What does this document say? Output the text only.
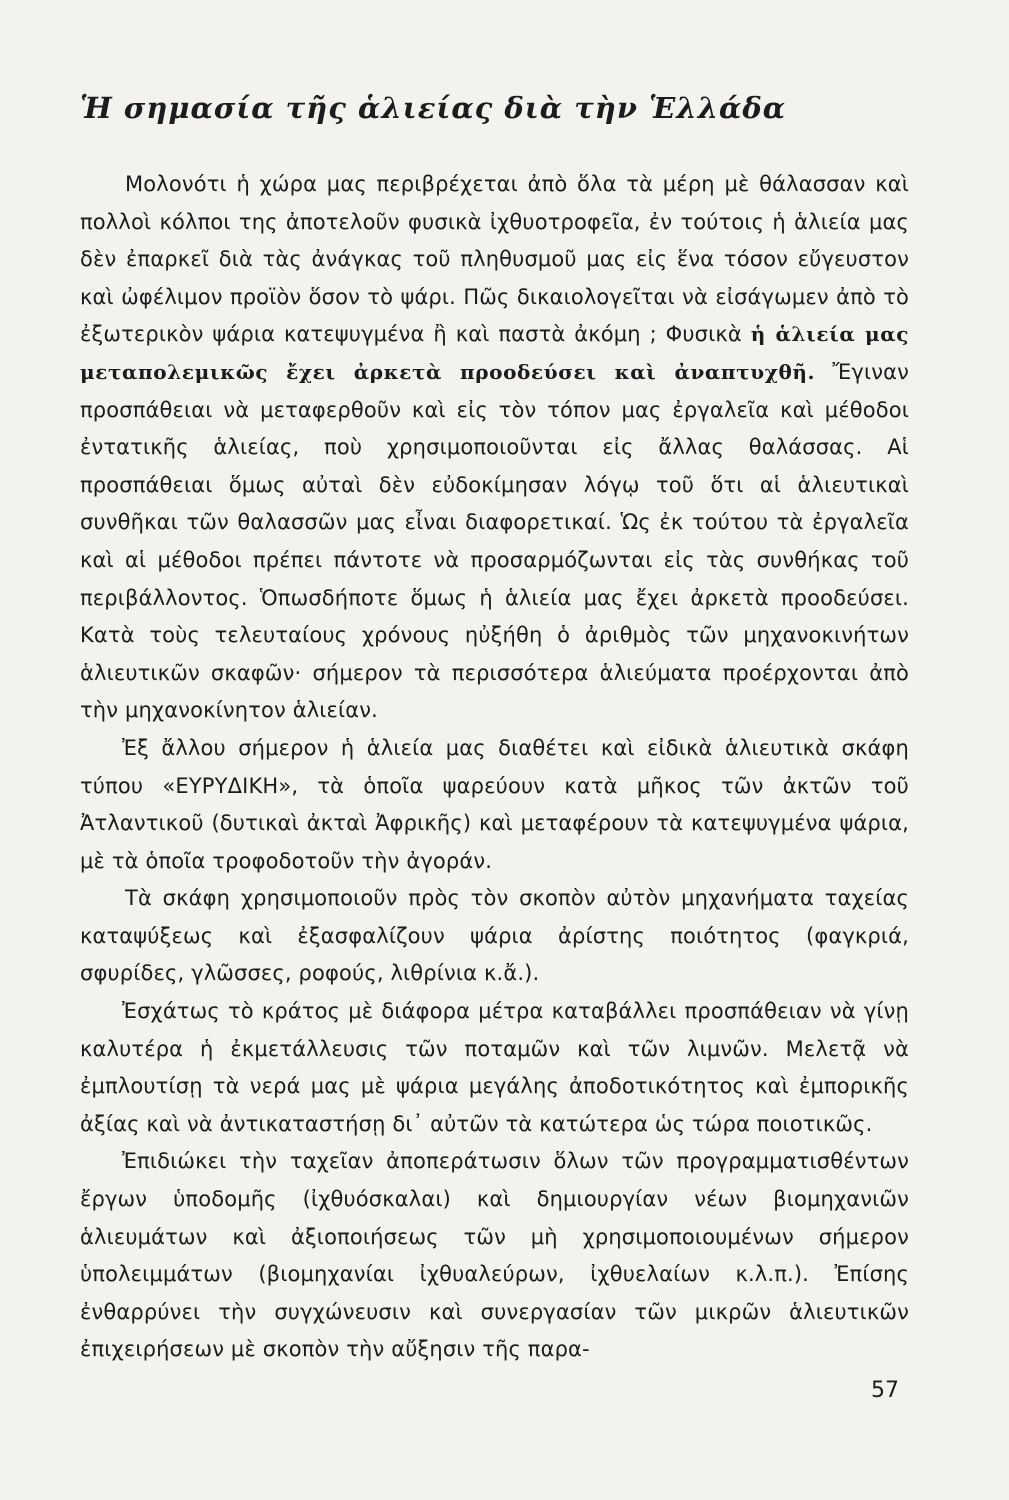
Ἡ σημασία τῆς ἁλιείας διὰ τὴν Ἑλλάδα

Μολονότι ἡ χώρα μας περιβρέχεται ἀπὸ ὅλα τὰ μέρη μὲ θάλασσαν καὶ πολλοὶ κόλποι της ἀποτελοῦν φυσικὰ ἰχθυοτροφεῖα, ἐν τούτοις ἡ ἁλιεία μας δὲν ἐπαρκεῖ διὰ τὰς ἀνάγκας τοῦ πληθυσμοῦ μας εἰς ἕνα τόσον εὔγευστον καὶ ὠφέλιμον προϊὸν ὅσον τὸ ψάρι. Πῶς δικαιολογεῖται νὰ εἰσάγωμεν ἀπὸ τὸ ἐξωτερικὸν ψάρια κατεψυγμένα ἢ καὶ παστὰ ἀκόμη ; Φυσικὰ ἡ ἁλιεία μας μεταπολεμικῶς ἔχει ἀρκετὰ προοδεύσει καὶ ἀναπτυχθῆ. Ἔγιναν προσπάθειαι νὰ μεταφερθοῦν καὶ εἰς τὸν τόπον μας ἐργαλεῖα καὶ μέθοδοι ἐντατικῆς ἁλιείας, ποὺ χρησιμοποιοῦνται εἰς ἄλλας θαλάσσας. Αἱ προσπάθειαι ὅμως αὐταὶ δὲν εὐδοκίμησαν λόγῳ τοῦ ὅτι αἱ ἁλιευτικαὶ συνθῆκαι τῶν θαλασσῶν μας εἶναι διαφορετικαί. Ὡς ἐκ τούτου τὰ ἐργαλεῖα καὶ αἱ μέθοδοι πρέπει πάντοτε νὰ προσαρμόζωνται εἰς τὰς συνθήκας τοῦ περιβάλλοντος. Ὁπωσδήποτε ὅμως ἡ ἁλιεία μας ἔχει ἀρκετὰ προοδεύσει. Κατὰ τοὺς τελευταίους χρόνους ηὐξήθη ὁ ἀριθμὸς τῶν μηχανοκινήτων ἁλιευτικῶν σκαφῶν· σήμερον τὰ περισσότερα ἁλιεύματα προέρχονται ἀπὸ τὴν μηχανοκίνητον ἁλιείαν.

Ἐξ ἄλλου σήμερον ἡ ἁλιεία μας διαθέτει καὶ εἰδικὰ ἁλιευτικὰ σκάφη τύπου «ΕΥΡΥΔΙΚΗ», τὰ ὁποῖα ψαρεύουν κατὰ μῆκος τῶν ἀκτῶν τοῦ Ἀτλαντικοῦ (δυτικαὶ ἀκταὶ Ἀφρικῆς) καὶ μεταφέρουν τὰ κατεψυγμένα ψάρια, μὲ τὰ ὁποῖα τροφοδοτοῦν τὴν ἀγοράν.

Τὰ σκάφη χρησιμοποιοῦν πρὸς τὸν σκοπὸν αὐτὸν μηχανήματα ταχείας καταψύξεως καὶ ἐξασφαλίζουν ψάρια ἀρίστης ποιότητος (φαγκριά, σφυρίδες, γλῶσσες, ροφούς, λιθρίνια κ.ἄ.).

Ἐσχάτως τὸ κράτος μὲ διάφορα μέτρα καταβάλλει προσπάθειαν νὰ γίνῃ καλυτέρα ἡ ἐκμετάλλευσις τῶν ποταμῶν καὶ τῶν λιμνῶν. Μελετᾷ νὰ ἐμπλουτίσῃ τὰ νερά μας μὲ ψάρια μεγάλης ἀποδοτικότητος καὶ ἐμπορικῆς ἀξίας καὶ νὰ ἀντικαταστήσῃ δι᾽ αὐτῶν τὰ κατώτερα ὡς τώρα ποιοτικῶς.

Ἐπιδιώκει τὴν ταχεῖαν ἀποπεράτωσιν ὅλων τῶν προγραμματισθέντων ἔργων ὑποδομῆς (ἰχθυόσκαλαι) καὶ δημιουργίαν νέων βιομηχανιῶν ἁλιευμάτων καὶ ἀξιοποιήσεως τῶν μὴ χρησιμοποιουμένων σήμερον ὑπολειμμάτων (βιομηχανίαι ἰχθυαλεύρων, ἰχθυελαίων κ.λ.π.). Ἐπίσης ἐνθαρρύνει τὴν συγχώνευσιν καὶ συνεργασίαν τῶν μικρῶν ἁλιευτικῶν ἐπιχειρήσεων μὲ σκοπὸν τὴν αὔξησιν τῆς παρα-

57
